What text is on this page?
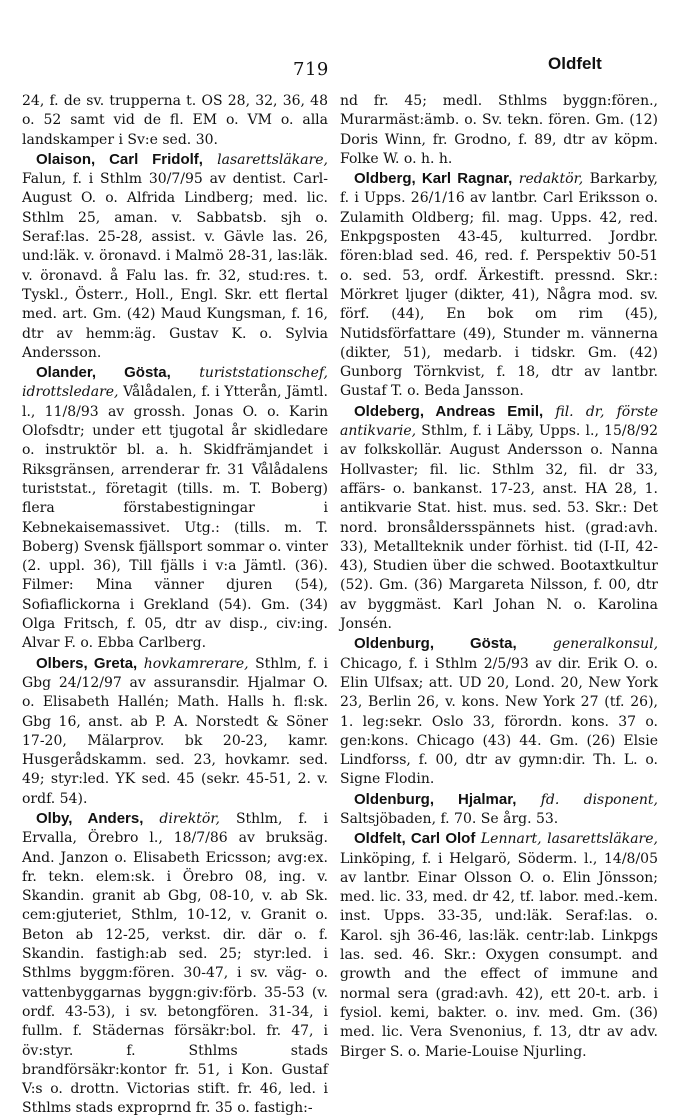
719	Oldfelt

24, f. de sv. trupperna t. OS 28, 32, 36, 48 o. 52 samt vid de fl. EM o. VM o. alla landskamper i Sv:e sed. 30.

Olaison, Carl Fridolf, lasarettsläkare, Falun, f. i Sthlm 30/7/95 av dentist. Carl-August O. o. Alfrida Lindberg; med. lic. Sthlm 25, aman. v. Sabbatsb. sjh o. Seraf:las. 25-28, assist. v. Gävle las. 26, und:läk. v. öronavd. i Malmö 28-31, las:läk. v. öronavd. å Falu las. fr. 32, stud:res. t. Tyskl., Österr., Holl., Engl. Skr. ett flertal med. art. Gm. (42) Maud Kungsman, f. 16, dtr av hemm:äg. Gustav K. o. Sylvia Andersson.

Olander, Gösta, turiststationschef, idrottsledare, Vålådalen, f. i Ytterån, Jämtl. l., 11/8/93 av grossh. Jonas O. o. Karin Olofsdtr; under ett tjugotal år skidledare o. instruktör bl. a. h. Skidfrämjandet i Riksgränsen, arrenderar fr. 31 Vålådalens turiststat., företagit (tills. m. T. Boberg) flera förstabestigningar i Kebnekaisemassivet. Utg.: (tills. m. T. Boberg) Svensk fjällsport sommar o. vinter (2. uppl. 36), Till fjälls i v:a Jämtl. (36). Filmer: Mina vänner djuren (54), Sofiaflickorna i Grekland (54). Gm. (34) Olga Fritsch, f. 05, dtr av disp., civ:ing. Alvar F. o. Ebba Carlberg.

Olbers, Greta, hovkamrerare, Sthlm, f. i Gbg 24/12/97 av assuransdir. Hjalmar O. o. Elisabeth Hallén; Math. Halls h. fl:sk. Gbg 16, anst. ab P. A. Norstedt & Söner 17-20, Mälarprov. bk 20-23, kamr. Husgerådskamm. sed. 23, hovkamr. sed. 49; styr:led. YK sed. 45 (sekr. 45-51, 2. v. ordf. 54).

Olby, Anders, direktör, Sthlm, f. i Ervalla, Örebro l., 18/7/86 av bruksäg. And. Janzon o. Elisabeth Ericsson; avg:ex. fr. tekn. elem:sk. i Örebro 08, ing. v. Skandin. granit ab Gbg, 08-10, v. ab Sk. cem:gjuteriet, Sthlm, 10-12, v. Granit o. Beton ab 12-25, verkst. dir. där o. f. Skandin. fastigh:ab sed. 25; styr:led. i Sthlms byggm:fören. 30-47, i sv. väg- o. vattenbyggarnas byggn:giv:förb. 35-53 (v. ordf. 43-53), i sv. betongfören. 31-34, i fullm. f. Städernas försäkr:bol. fr. 47, i öv:styr. f. Sthlms stads brandförsäkr:kontor fr. 51, i Kon. Gustaf V:s o. drottn. Victorias stift. fr. 46, led. i Sthlms stads exproprnd fr. 35 o. fastigh:-

nd fr. 45; medl. Sthlms byggn:fören., Murarmäst:ämb. o. Sv. tekn. fören. Gm. (12) Doris Winn, fr. Grodno, f. 89, dtr av köpm. Folke W. o. h. h.

Oldberg, Karl Ragnar, redaktör, Barkarby, f. i Upps. 26/1/16 av lantbr. Carl Eriksson o. Zulamith Oldberg; fil. mag. Upps. 42, red. Enkpgsposten 43-45, kulturred. Jordbr. fören:blad sed. 46, red. f. Perspektiv 50-51 o. sed. 53, ordf. Ärkestift. pressnd. Skr.: Mörkret ljuger (dikter, 41), Några mod. sv. förf. (44), En bok om rim (45), Nutidsförfattare (49), Stunder m. vännerna (dikter, 51), medarb. i tidskr. Gm. (42) Gunborg Törnkvist, f. 18, dtr av lantbr. Gustaf T. o. Beda Jansson.

Oldeberg, Andreas Emil, fil. dr, förste antikvarie, Sthlm, f. i Läby, Upps. l., 15/8/92 av folkskollär. August Andersson o. Nanna Hollvaster; fil. lic. Sthlm 32, fil. dr 33, affärs- o. bankanst. 17-23, anst. HA 28, 1. antikvarie Stat. hist. mus. sed. 53. Skr.: Det nord. bronsåldersspännets hist. (grad:avh. 33), Metallteknik under förhist. tid (I-II, 42-43), Studien über die schwed. Bootaxtkultur (52). Gm. (36) Margareta Nilsson, f. 00, dtr av byggmäst. Karl Johan N. o. Karolina Jonsén.

Oldenburg, Gösta,	generalkonsul, Chicago, f. i Sthlm 2/5/93 av dir. Erik O. o. Elin Ulfsax; att. UD 20, Lond. 20, New York 23, Berlin 26, v. kons. New York 27 (tf. 26), 1. leg:sekr. Oslo 33, förordn. kons. 37 o. gen:kons. Chicago (43) 44. Gm. (26) Elsie Lindforss, f. 00, dtr av gymn:dir. Th. L. o. Signe Flodin.

Oldenburg, Hjalmar, fd. disponent, Saltsjöbaden, f. 70. Se årg. 53.

Oldfelt, Carl Olof Lennart, lasarettsläkare, Linköping, f. i Helgarö, Söderm. l., 14/8/05 av lantbr. Einar Olsson O. o. Elin Jönsson; med. lic. 33, med. dr 42, tf. labor. med.-kem. inst. Upps. 33-35, und:läk. Seraf:las. o. Karol. sjh 36-46, las:läk. centr:lab. Linkpgs las. sed. 46. Skr.: Oxygen consumpt. and growth and the effect of immune and normal sera (grad:avh. 42), ett 20-t. arb. i fysiol. kemi, bakter. o. inv. med. Gm. (36) med. lic. Vera Svenonius, f. 13, dtr av adv. Birger S. o. Marie-Louise Njurling.
